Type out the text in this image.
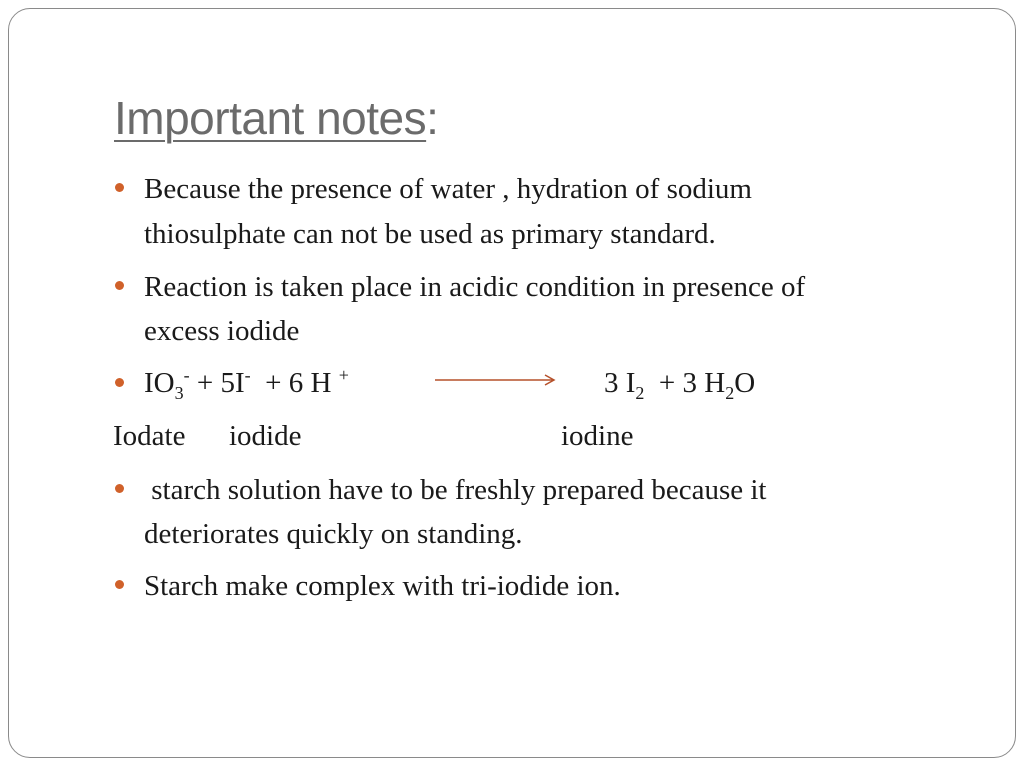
Important notes:
Because the presence of water , hydration of sodium
thiosulphate can not be used as primary standard.
Reaction is taken place in acidic condition in presence of
excess iodide
$IO_3^- + 5I^- + 6$ H +	3 $I_2 + 3$ $H_2O$
Iodate iodide	iodine
starch solution have to be freshly prepared because it
deteriorates quickly on standing.
Starch make complex with tri-iodide ion.
